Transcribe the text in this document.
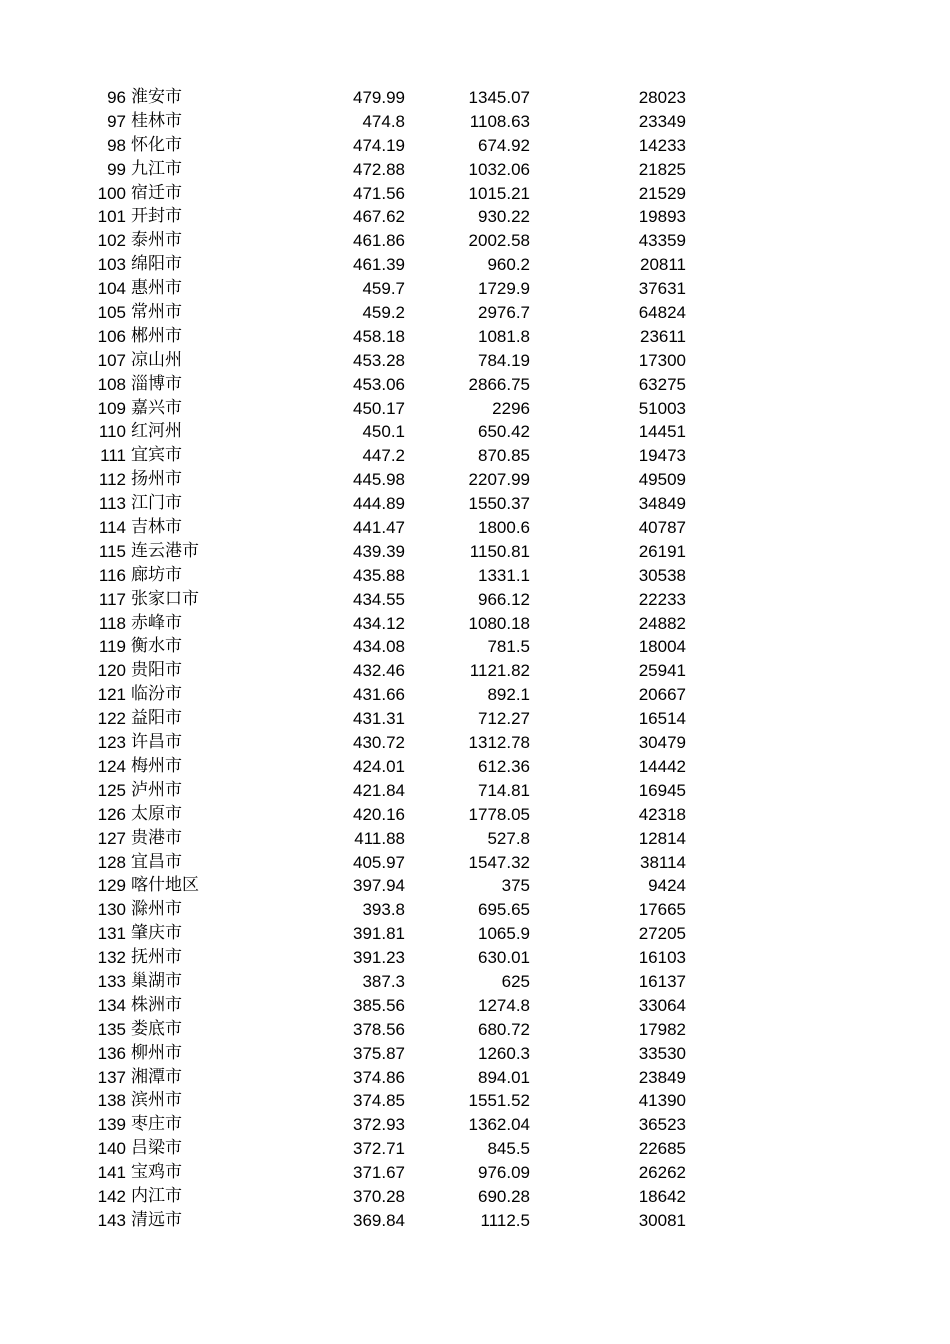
96 淮安市	479.99	1345.07	28023
97 桂林市	474.8	1108.63	23349
98 怀化市	474.19	674.92	14233
99 九江市	472.88	1032.06	21825
100 宿迁市	471.56	1015.21	21529
101 开封市	467.62	930.22	19893
102 泰州市	461.86	2002.58	43359
103 绵阳市	461.39	960.2	20811
104 惠州市	459.7	1729.9	37631
105 常州市	459.2	2976.7	64824
106 郴州市	458.18	1081.8	23611
107 凉山州	453.28	784.19	17300
108 淄博市	453.06	2866.75	63275
109 嘉兴市	450.17	2296	51003
110 红河州	450.1	650.42	14451
111 宜宾市	447.2	870.85	19473
112 扬州市	445.98	2207.99	49509
113 江门市	444.89	1550.37	34849
114 吉林市	441.47	1800.6	40787
115 连云港市	439.39	1150.81	26191
116 廊坊市	435.88	1331.1	30538
117 张家口市	434.55	966.12	22233
118 赤峰市	434.12	1080.18	24882
119 衡水市	434.08	781.5	18004
120 贵阳市	432.46	1121.82	25941
121 临汾市	431.66	892.1	20667
122 益阳市	431.31	712.27	16514
123 许昌市	430.72	1312.78	30479
124 梅州市	424.01	612.36	14442
125 泸州市	421.84	714.81	16945
126 太原市	420.16	1778.05	42318
127 贵港市	411.88	527.8	12814
128 宜昌市	405.97	1547.32	38114
129 喀什地区	397.94	375	9424
130 滁州市	393.8	695.65	17665
131 肇庆市	391.81	1065.9	27205
132 抚州市	391.23	630.01	16103
133 巢湖市	387.3	625	16137
134 株洲市	385.56	1274.8	33064
135 娄底市	378.56	680.72	17982
136 柳州市	375.87	1260.3	33530
137 湘潭市	374.86	894.01	23849
138 滨州市	374.85	1551.52	41390
139 枣庄市	372.93	1362.04	36523
140 吕梁市	372.71	845.5	22685
141 宝鸡市	371.67	976.09	26262
142 内江市	370.28	690.28	18642
143 清远市	369.84	1112.5	30081
